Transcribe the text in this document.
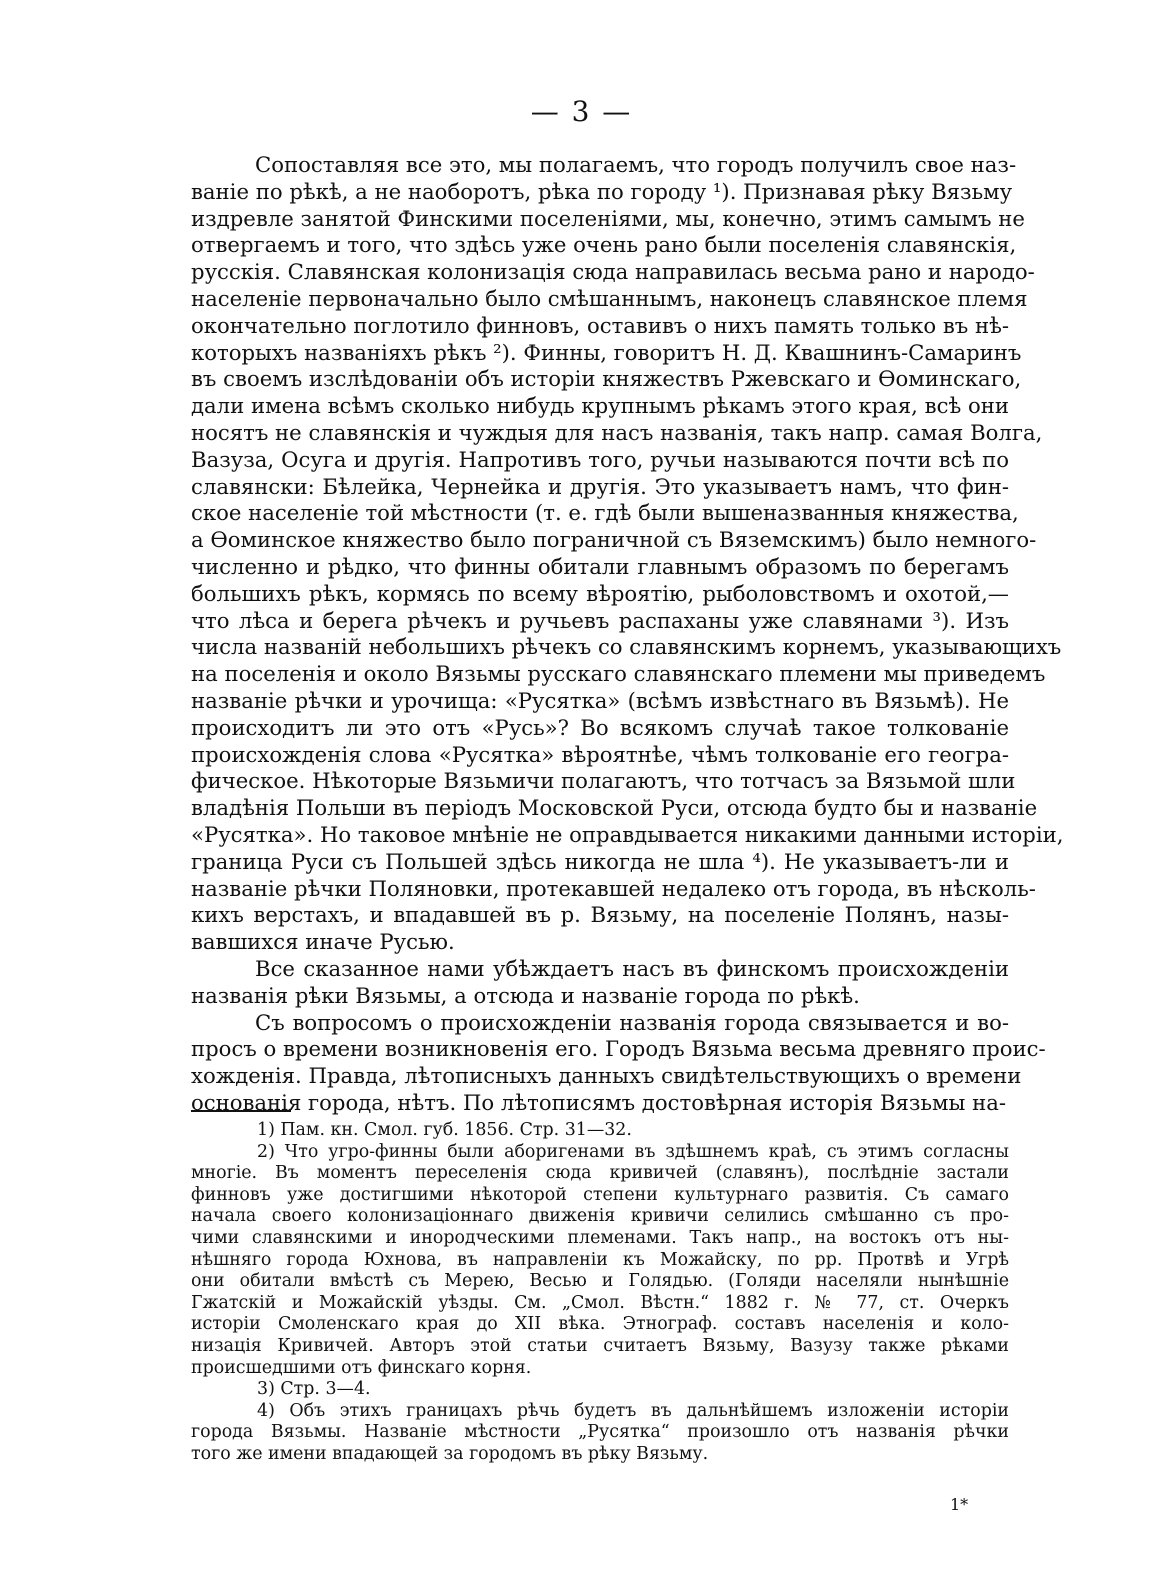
— 3 —
Сопоставляя все это, мы полагаемъ, что городъ получилъ свое наз-
ваніе по рѣкѣ, а не наоборотъ, рѣка по городу ¹). Признавая рѣку Вязьму
издревле занятой Финскими поселеніями, мы, конечно, этимъ самымъ не
отвергаемъ и того, что здѣсь уже очень рано были поселенія славянскія,
русскія. Славянская колонизація сюда направилась весьма рано и народо-
населеніе первоначально было смѣшаннымъ, наконецъ славянское племя
окончательно поглотило финновъ, оставивъ о нихъ память только въ нѣ-
которыхъ названіяхъ рѣкъ ²). Финны, говоритъ Н. Д. Квашнинъ-Самаринъ
въ своемъ изслѣдованіи объ исторіи княжествъ Ржевскаго и Ѳоминскаго,
дали имена всѣмъ сколько нибудь крупнымъ рѣкамъ этого края, всѣ они
носятъ не славянскія и чуждыя для насъ названія, такъ напр. самая Волга,
Вазуза, Осуга и другія. Напротивъ того, ручьи называются почти всѣ по
славянски: Бѣлейка, Чернейка и другія. Это указываетъ намъ, что фин-
ское населеніе той мѣстности (т. е. гдѣ были вышеназванныя княжества,
а Ѳоминское княжество было пограничной съ Вяземскимъ) было немного-
численно и рѣдко, что финны обитали главнымъ образомъ по берегамъ
большихъ рѣкъ, кормясь по всему вѣроятію, рыболовствомъ и охотой,—
что лѣса и берега рѣчекъ и ручьевъ распаханы уже славянами ³). Изъ
числа названій небольшихъ рѣчекъ со славянскимъ корнемъ, указывающихъ
на поселенія и около Вязьмы русскаго славянскаго племени мы приведемъ
названіе рѣчки и урочища: «Русятка» (всѣмъ извѣстнаго въ Вязьмѣ). Не
происходитъ ли это отъ «Русь»? Во всякомъ случаѣ такое толкованіе
происхожденія слова «Русятка» вѣроятнѣе, чѣмъ толкованіе его геогра-
фическое. Нѣкоторые Вязьмичи полагаютъ, что тотчасъ за Вязьмой шли
владѣнія Польши въ періодъ Московской Руси, отсюда будто бы и названіе
«Русятка». Но таковое мнѣніе не оправдывается никакими данными исторіи,
граница Руси съ Польшей здѣсь никогда не шла ⁴). Не указываетъ-ли и
названіе рѣчки Поляновки, протекавшей недалеко отъ города, въ нѣсколь-
кихъ верстахъ, и впадавшей въ р. Вязьму, на поселеніе Полянъ, назы-
вавшихся иначе Русью.
Все сказанное нами убѣждаетъ насъ въ финскомъ происхожденіи
названія рѣки Вязьмы, а отсюда и названіе города по рѣкѣ.
Съ вопросомъ о происхожденіи названія города связывается и во-
просъ о времени возникновенія его. Городъ Вязьма весьма древняго проис-
хожденія. Правда, лѣтописныхъ данныхъ свидѣтельствующихъ о времени
основанія города, нѣтъ. По лѣтописямъ достовѣрная исторія Вязьмы на-
1) Пам. кн. Смол. губ. 1856. Стр. 31—32.
2) Что угро-финны были аборигенами въ здѣшнемъ краѣ, съ этимъ согласны
многіе. Въ моментъ переселенія сюда кривичей (славянъ), послѣдніе застали
финновъ уже достигшими нѣкоторой степени культурнаго развитія. Съ самаго
начала своего колонизаціоннаго движенія кривичи селились смѣшанно съ про-
чими славянскими и инородческими племенами. Такъ напр., на востокъ отъ ны-
нѣшняго города Юхнова, въ направленіи къ Можайску, по рр. Протвѣ и Угрѣ
они обитали вмѣстѣ съ Мерею, Весью и Голядью. (Голяди населяли нынѣшніе
Гжатскій и Можайскій уѣзды. См. „Смол. Вѣстн.“ 1882 г. № 77, ст. Очеркъ
исторіи Смоленскаго края до XII вѣка. Этнограф. составъ населенія и коло-
низація Кривичей. Авторъ этой статьи считаетъ Вязьму, Вазузу также рѣками
происшедшими отъ финскаго корня.
3) Стр. 3—4.
4) Объ этихъ границахъ рѣчь будетъ въ дальнѣйшемъ изложеніи исторіи
города Вязьмы. Названіе мѣстности „Русятка“ произошло отъ названія рѣчки
того же имени впадающей за городомъ въ рѣку Вязьму.
1*
